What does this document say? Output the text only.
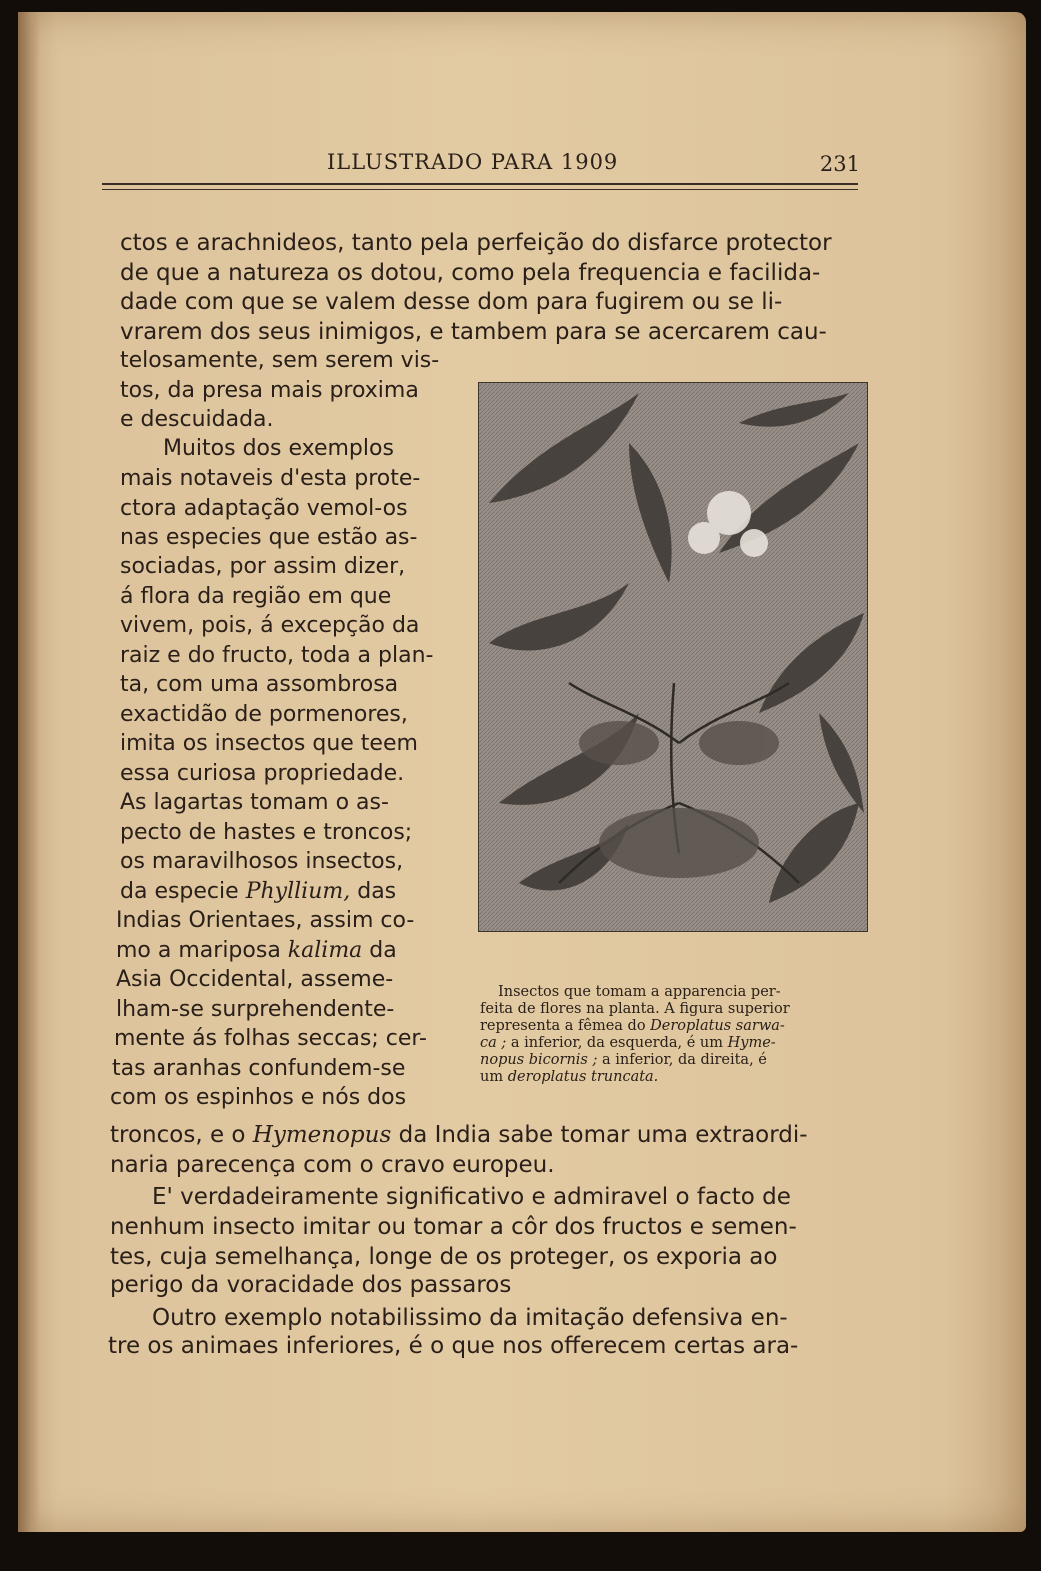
ILLUSTRADO PARA 1909	231
ctos e arachnideos, tanto pela perfeição do disfarce protector
de que a natureza os dotou, como pela frequencia e facilida-
dade com que se valem desse dom para fugirem ou se li-
vrarem dos seus inimigos, e tambem para se acercarem cau-
telosamente, sem serem vis-
tos, da presa mais proxima
e descuidada.
Muitos dos exemplos
mais notaveis d'esta prote-
ctora adaptação vemol-os
nas especies que estão as-
sociadas, por assim dizer,
á flora da região em que
vivem, pois, á excepção da
raiz e do fructo, toda a plan-
ta, com uma assombrosa
exactidão de pormenores,
imita os insectos que teem
essa curiosa propriedade.
As lagartas tomam o as-
pecto de hastes e troncos;
os maravilhosos insectos,
da especie Phyllium, das
Indias Orientaes, assim co-
mo a mariposa kalima da
Asia Occidental, asseme-
lham-se surprehendente-
mente ás folhas seccas; cer-
tas aranhas confundem-se
com os espinhos e nós dos
troncos, e o Hymenopus da India sabe tomar uma extraordi-
naria parecença com o cravo europeu.
E' verdadeiramente significativo e admiravel o facto de
nenhum insecto imitar ou tomar a côr dos fructos e semen-
tes, cuja semelhança, longe de os proteger, os exporia ao
perigo da voracidade dos passaros
Outro exemplo notabilissimo da imitação defensiva en-
tre os animaes inferiores, é o que nos offerecem certas ara-
Insectos que tomam a apparencia per-
feita de flores na planta. A figura superior
representa a fêmea do Deroplatus sarwa-
ca ; a inferior, da esquerda, é um Hyme-
nopus bicornis ; a inferior, da direita, é
um deroplatus truncata.
